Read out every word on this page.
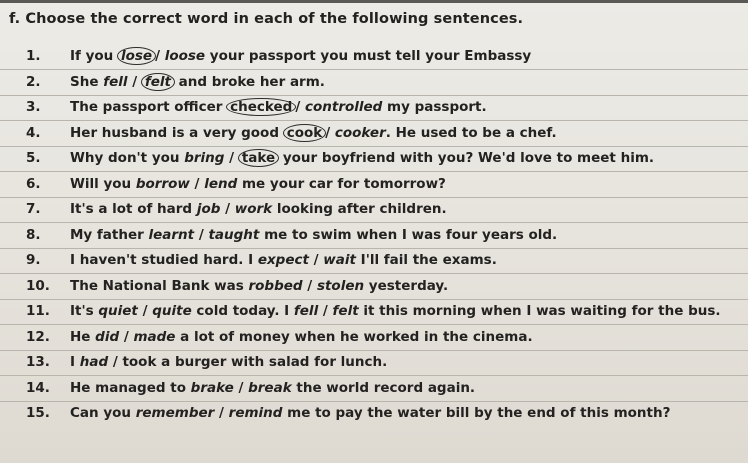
f. Choose the correct word in each of the following sentences.
1. If you lose / loose your passport you must tell your Embassy
2. She fell / felt and broke her arm.
3. The passport officer checked / controlled my passport.
4. Her husband is a very good cook / cooker. He used to be a chef.
5. Why don't you bring / take your boyfriend with you? We'd love to meet him.
6. Will you borrow / lend me your car for tomorrow?
7. It's a lot of hard job / work looking after children.
8. My father learnt / taught me to swim when I was four years old.
9. I haven't studied hard. I expect / wait I'll fail the exams.
10. The National Bank was robbed / stolen yesterday.
11. It's quiet / quite cold today. I fell / felt it this morning when I was waiting for the bus.
12. He did / made a lot of money when he worked in the cinema.
13. I had / took a burger with salad for lunch.
14. He managed to brake / break the world record again.
15. Can you remember / remind me to pay the water bill by the end of this month?
